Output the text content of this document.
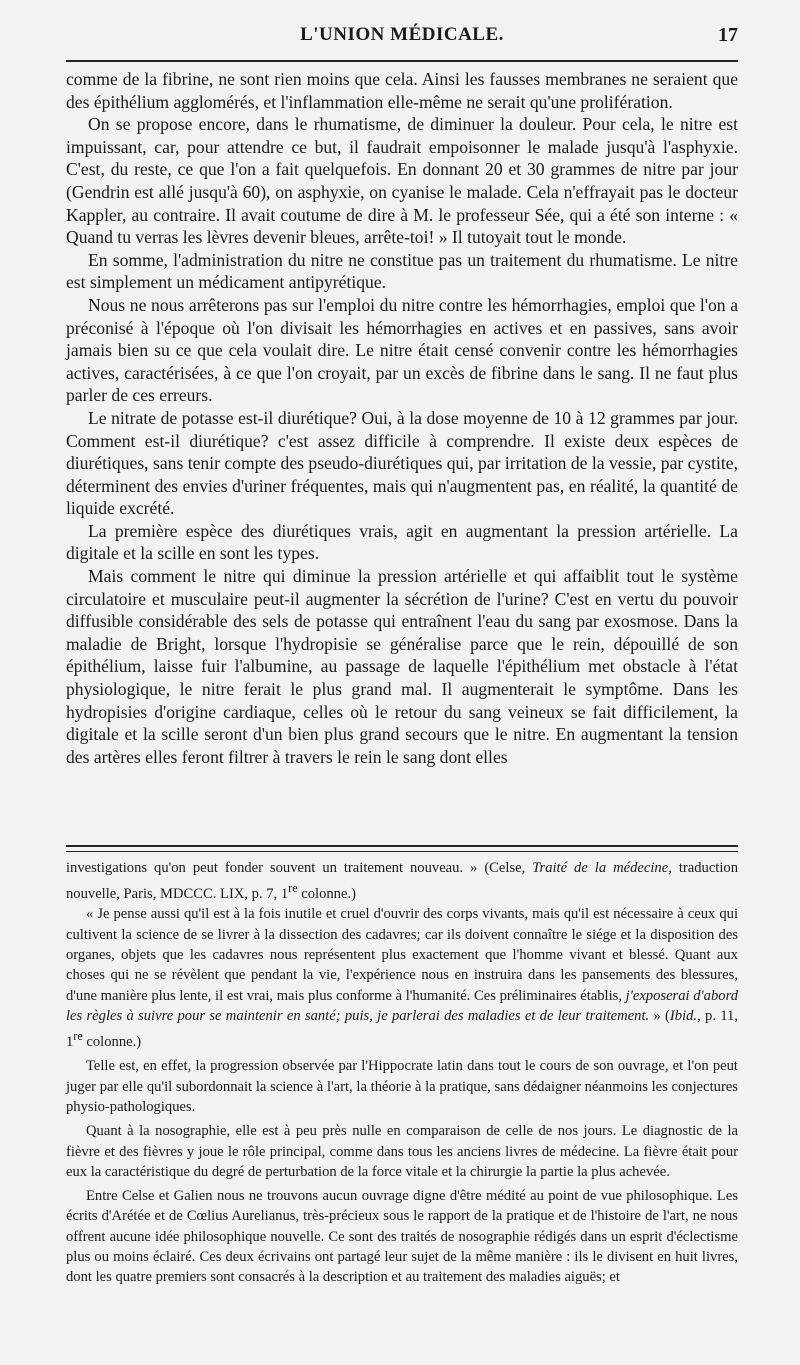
L'UNION MÉDICALE.	17

comme de la fibrine, ne sont rien moins que cela. Ainsi les fausses membranes ne seraient que des épithélium agglomérés, et l'inflammation elle-même ne serait qu'une prolifération.

On se propose encore, dans le rhumatisme, de diminuer la douleur. Pour cela, le nitre est impuissant, car, pour attendre ce but, il faudrait empoisonner le malade jusqu'à l'asphyxie. C'est, du reste, ce que l'on a fait quelquefois. En donnant 20 et 30 grammes de nitre par jour (Gendrin est allé jusqu'à 60), on asphyxie, on cyanise le malade. Cela n'effrayait pas le docteur Kappler, au contraire. Il avait coutume de dire à M. le professeur Sée, qui a été son interne : « Quand tu verras les lèvres devenir bleues, arrête-toi! » Il tutoyait tout le monde.

En somme, l'administration du nitre ne constitue pas un traitement du rhumatisme. Le nitre est simplement un médicament antipyrétique.

Nous ne nous arrêterons pas sur l'emploi du nitre contre les hémorrhagies, emploi que l'on a préconisé à l'époque où l'on divisait les hémorrhagies en actives et en passives, sans avoir jamais bien su ce que cela voulait dire. Le nitre était censé convenir contre les hémorrhagies actives, caractérisées, à ce que l'on croyait, par un excès de fibrine dans le sang. Il ne faut plus parler de ces erreurs.

Le nitrate de potasse est-il diurétique? Oui, à la dose moyenne de 10 à 12 grammes par jour. Comment est-il diurétique? c'est assez difficile à comprendre. Il existe deux espèces de diurétiques, sans tenir compte des pseudo-diurétiques qui, par irritation de la vessie, par cystite, déterminent des envies d'uriner fréquentes, mais qui n'augmentent pas, en réalité, la quantité de liquide excrété.

La première espèce des diurétiques vrais, agit en augmentant la pression artérielle. La digitale et la scille en sont les types.

Mais comment le nitre qui diminue la pression artérielle et qui affaiblit tout le système circulatoire et musculaire peut-il augmenter la sécrétion de l'urine? C'est en vertu du pouvoir diffusible considérable des sels de potasse qui entraînent l'eau du sang par exosmose. Dans la maladie de Bright, lorsque l'hydropisie se généralise parce que le rein, dépouillé de son épithélium, laisse fuir l'albumine, au passage de laquelle l'épithélium met obstacle à l'état physiologique, le nitre ferait le plus grand mal. Il augmenterait le symptôme. Dans les hydropisies d'origine cardiaque, celles où le retour du sang veineux se fait difficilement, la digitale et la scille seront d'un bien plus grand secours que le nitre. En augmentant la tension des artères elles feront filtrer à travers le rein le sang dont elles

investigations qu'on peut fonder souvent un traitement nouveau. » (Celse, Traité de la médecine, traduction nouvelle, Paris, MDCCC. LIX, p. 7, 1re colonne.)

« Je pense aussi qu'il est à la fois inutile et cruel d'ouvrir des corps vivants, mais qu'il est nécessaire à ceux qui cultivent la science de se livrer à la dissection des cadavres; car ils doivent connaître le siége et la disposition des organes, objets que les cadavres nous représentent plus exactement que l'homme vivant et blessé. Quant aux choses qui ne se révèlent que pendant la vie, l'expérience nous en instruira dans les pansements des blessures, d'une manière plus lente, il est vrai, mais plus conforme à l'humanité. Ces préliminaires établis, j'exposerai d'abord les règles à suivre pour se maintenir en santé; puis, je parlerai des maladies et de leur traitement. » (Ibid., p. 11, 1re colonne.)

Telle est, en effet, la progression observée par l'Hippocrate latin dans tout le cours de son ouvrage, et l'on peut juger par elle qu'il subordonnait la science à l'art, la théorie à la pratique, sans dédaigner néanmoins les conjectures physio-pathologiques.

Quant à la nosographie, elle est à peu près nulle en comparaison de celle de nos jours. Le diagnostic de la fièvre et des fièvres y joue le rôle principal, comme dans tous les anciens livres de médecine. La fièvre était pour eux la caractéristique du degré de perturbation de la force vitale et la chirurgie la partie la plus achevée.

Entre Celse et Galien nous ne trouvons aucun ouvrage digne d'être médité au point de vue philosophique. Les écrits d'Arétée et de Cœlius Aurelianus, très-précieux sous le rapport de la pratique et de l'histoire de l'art, ne nous offrent aucune idée philosophique nouvelle. Ce sont des traités de nosographie rédigés dans un esprit d'éclectisme plus ou moins éclairé. Ces deux écrivains ont partagé leur sujet de la même manière : ils le divisent en huit livres, dont les quatre premiers sont consacrés à la description et au traitement des maladies aiguës; et
